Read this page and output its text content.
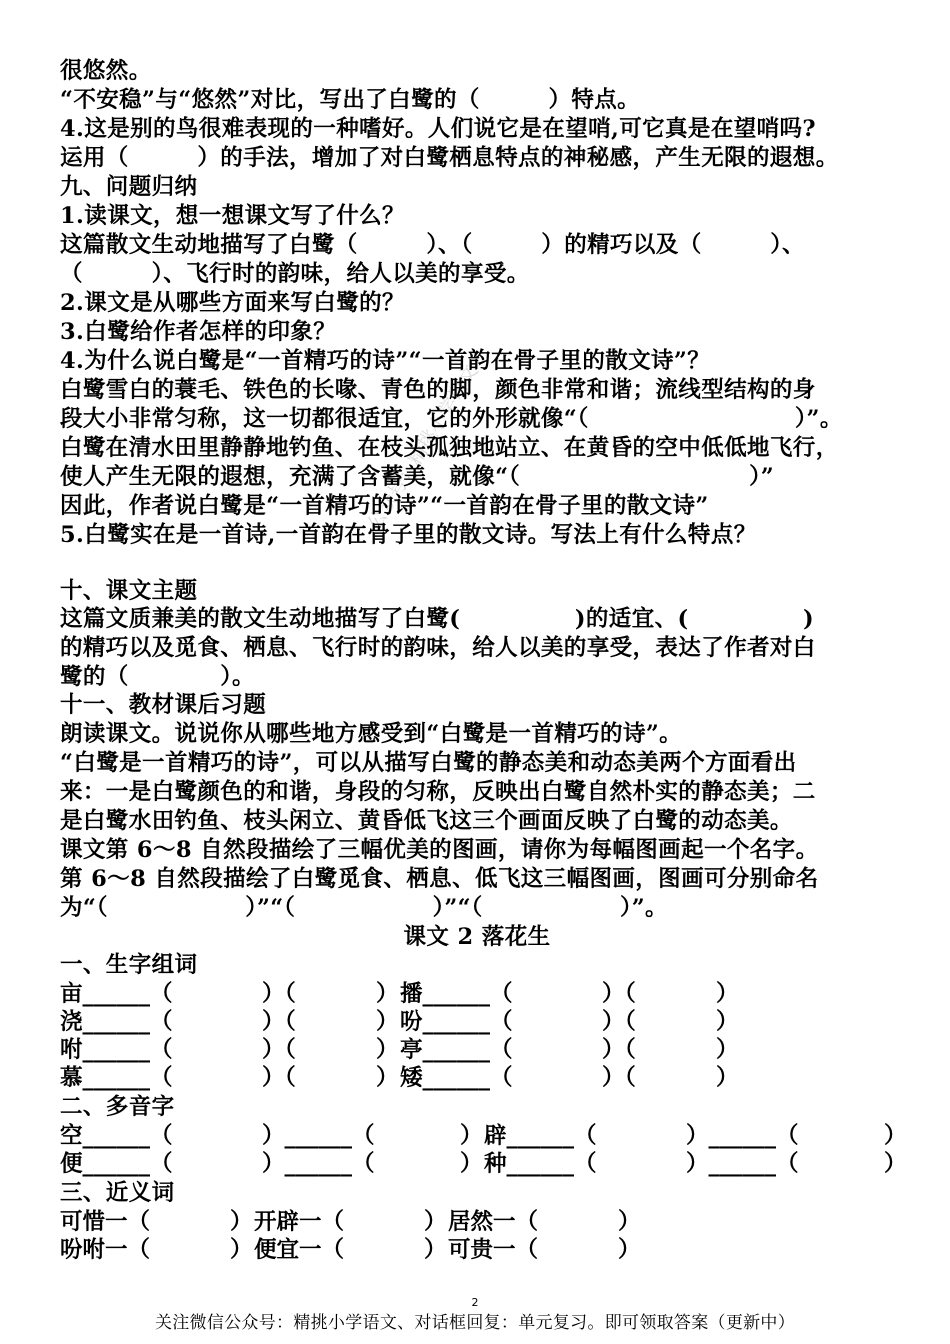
公众号：精挑小学语文
很悠然。
“不安稳”与“悠然”对比，写出了白鹭的（　　　）特点。
4.这是别的鸟很难表现的一种嗜好。人们说它是在望哨,可它真是在望哨吗?
运用（　　　）的手法，增加了对白鹭栖息特点的神秘感，产生无限的遐想。
九、问题归纳
1.读课文，想一想课文写了什么？
这篇散文生动地描写了白鹭（　　　）、（　　　）的精巧以及（　　　）、
（　　　）、飞行时的韵味，给人以美的享受。
2.课文是从哪些方面来写白鹭的？
3.白鹭给作者怎样的印象？
4.为什么说白鹭是“一首精巧的诗”“一首韵在骨子里的散文诗”？
白鹭雪白的蓑毛、铁色的长喙、青色的脚，颜色非常和谐；流线型结构的身
段大小非常匀称，这一切都很适宜，它的外形就像“（　　　　　　　　　）”。
白鹭在清水田里静静地钓鱼、在枝头孤独地站立、在黄昏的空中低低地飞行，
使人产生无限的遐想，充满了含蓄美，就像“（　　　　　　　　　　）”
因此，作者说白鹭是“一首精巧的诗”“一首韵在骨子里的散文诗”
5.白鹭实在是一首诗,一首韵在骨子里的散文诗。写法上有什么特点？
十、课文主题
这篇文质兼美的散文生动地描写了白鹭(　　　　　)的适宜、(　　　　　)
的精巧以及觅食、栖息、飞行时的韵味，给人以美的享受，表达了作者对白
鹭的（　　　　）。
十一、教材课后习题
朗读课文。说说你从哪些地方感受到“白鹭是一首精巧的诗”。
“白鹭是一首精巧的诗”，可以从描写白鹭的静态美和动态美两个方面看出
来：一是白鹭颜色的和谐，身段的匀称，反映出白鹭自然朴实的静态美；二
是白鹭水田钓鱼、枝头闲立、黄昏低飞这三个画面反映了白鹭的动态美。
课文第 6～8 自然段描绘了三幅优美的图画，请你为每幅图画起一个名字。
第 6～8 自然段描绘了白鹭觅食、栖息、低飞这三幅图画，图画可分别命名
为“（　　　　　　）”“（　　　　　　）”“（　　　　　　）”。
课文 2 落花生
一、生字组词
亩______（	）（	） 播______（	）（	）
浇______（	）（	） 吩______（	）（	）
咐______（	）（	） 亭______（	）（	）
慕______（	）（	） 矮______（	）（	）
二、多音字
空______（	）______（	） 辟______（	）______（	）
便______（	）______（	） 种______（	）______（	）
三、近义词
可惜一（	） 开辟一（	） 居然一（	）
吩咐一（	） 便宜一（	） 可贵一（	）
2
关注微信公众号：精挑小学语文、对话框回复：单元复习。即可领取答案（更新中）
